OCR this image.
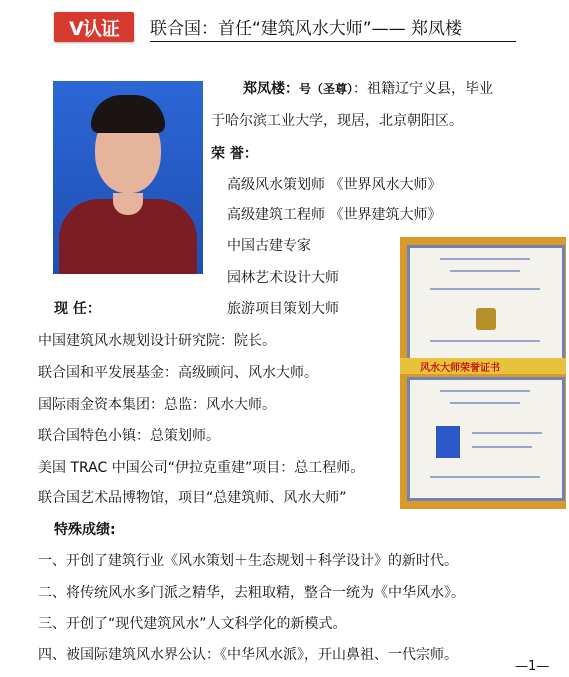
V认证 联合国：首任“建筑风水大师”—— 郑凤楼
郑凤楼：号（圣尊）：祖籍辽宁义县，毕业
于哈尔滨工业大学，现居，北京朝阳区。
荣 誉：
高级风水策划师 《世界风水大师》
高级建筑工程师 《世界建筑大师》
中国古建专家
园林艺术设计大师
旅游项目策划大师
现 任：
中国建筑风水规划设计研究院：院长。
联合国和平发展基金：高级顾问、风水大师。
国际雨金资本集团：总监：风水大师。
联合国特色小镇：总策划师。
美国 TRAC 中国公司“伊拉克重建”项目：总工程师。
联合国艺术品博物馆，项目“总建筑师、风水大师”
风水大师荣誉证书
特殊成绩:
一、开创了建筑行业《风水策划＋生态规划＋科学设计》的新时代。
二、将传统风水多门派之精华，去粗取精，整合一统为《中华风水》。
三、开创了“现代建筑风水”人文科学化的新模式。
四、被国际建筑风水界公认：《中华风水派》，开山鼻祖、一代宗师。
—1—
